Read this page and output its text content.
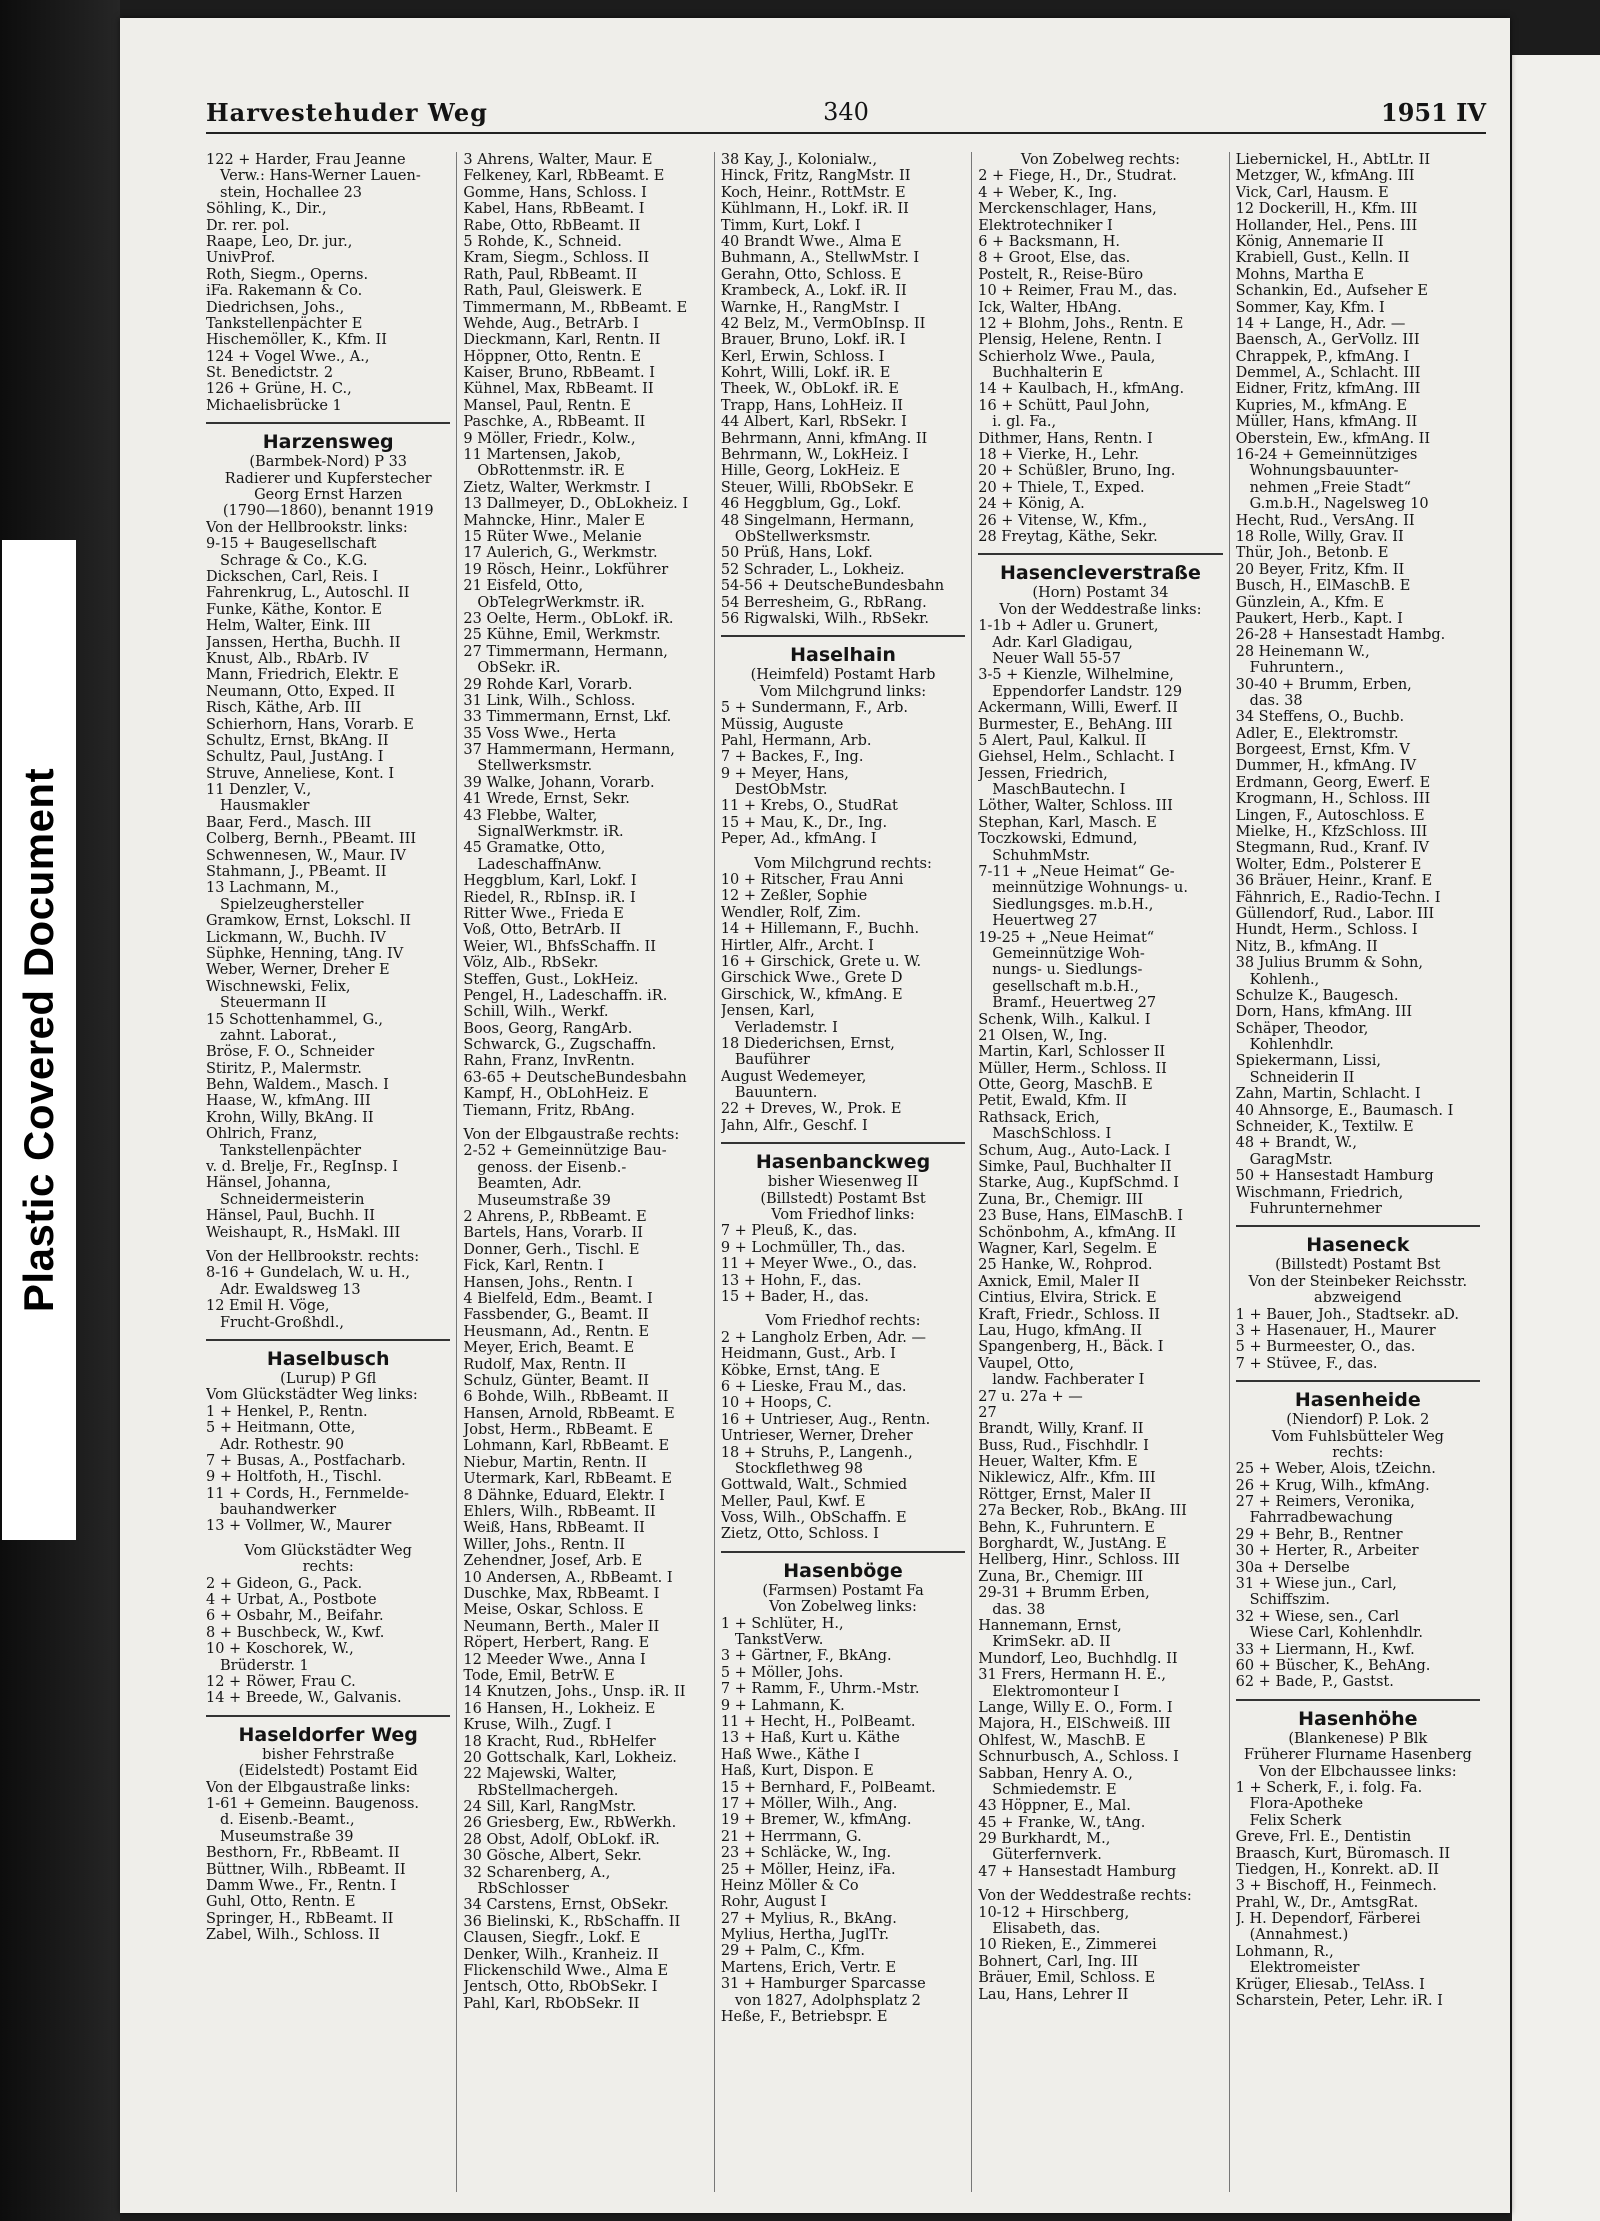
Plastic Covered Document
Harvestehuder Weg	340	1951 IV
122 + Harder, Frau Jeanne
Verw.: Hans-Werner Lauen-
stein, Hochallee 23
Söhling, K., Dir.,
Dr. rer. pol.
Raape, Leo, Dr. jur.,
UnivProf.
Roth, Siegm., Operns.
iFa. Rakemann & Co.
Diedrichsen, Johs.,
Tankstellenpächter E
Hischemöller, K., Kfm. II
124 + Vogel Wwe., A.,
St. Benedictstr. 2
126 + Grüne, H. C.,
Michaelisbrücke 1
Harzensweg
(Barmbek-Nord) P 33
Radierer und Kupferstecher
Georg Ernst Harzen
(1790—1860), benannt 1919
Von der Hellbrookstr. links:
9-15 + Baugesellschaft
Schrage & Co., K.G.
Dickschen, Carl, Reis. I
Fahrenkrug, L., Autoschl. II
Funke, Käthe, Kontor. E
Helm, Walter, Eink. III
Janssen, Hertha, Buchh. II
Knust, Alb., RbArb. IV
Mann, Friedrich, Elektr. E
Neumann, Otto, Exped. II
Risch, Käthe, Arb. III
Schierhorn, Hans, Vorarb. E
Schultz, Ernst, BkAng. II
Schultz, Paul, JustAng. I
Struve, Anneliese, Kont. I
11 Denzler, V.,
Hausmakler
Baar, Ferd., Masch. III
Colberg, Bernh., PBeamt. III
Schwennesen, W., Maur. IV
Stahmann, J., PBeamt. II
13 Lachmann, M.,
Spielzeughersteller
Gramkow, Ernst, Lokschl. II
Lickmann, W., Buchh. IV
Süphke, Henning, tAng. IV
Weber, Werner, Dreher E
Wischnewski, Felix,
Steuermann II
15 Schottenhammel, G.,
zahnt. Laborat.,
Bröse, F. O., Schneider
Stiritz, P., Malermstr.
Behn, Waldem., Masch. I
Haase, W., kfmAng. III
Krohn, Willy, BkAng. II
Ohlrich, Franz,
Tankstellenpächter
v. d. Brelje, Fr., RegInsp. I
Hänsel, Johanna,
Schneidermeisterin
Hänsel, Paul, Buchh. II
Weishaupt, R., HsMakl. III
Von der Hellbrookstr. rechts:
8-16 + Gundelach, W. u. H.,
Adr. Ewaldsweg 13
12 Emil H. Vöge,
Frucht-Großhdl.,
Haselbusch
(Lurup) P Gfl
Vom Glückstädter Weg links:
1 + Henkel, P., Rentn.
5 + Heitmann, Otte,
Adr. Rothestr. 90
7 + Busas, A., Postfacharb.
9 + Holtfoth, H., Tischl.
11 + Cords, H., Fernmelde-
bauhandwerker
13 + Vollmer, W., Maurer
Vom Glückstädter Weg
rechts:
2 + Gideon, G., Pack.
4 + Urbat, A., Postbote
6 + Osbahr, M., Beifahr.
8 + Buschbeck, W., Kwf.
10 + Koschorek, W.,
Brüderstr. 1
12 + Röwer, Frau C.
14 + Breede, W., Galvanis.
Haseldorfer Weg
bisher Fehrstraße
(Eidelstedt) Postamt Eid
Von der Elbgaustraße links:
1-61 + Gemeinn. Baugenoss.
d. Eisenb.-Beamt.,
Museumstraße 39
Besthorn, Fr., RbBeamt. II
Büttner, Wilh., RbBeamt. II
Damm Wwe., Fr., Rentn. I
Guhl, Otto, Rentn. E
Springer, H., RbBeamt. II
Zabel, Wilh., Schloss. II
3 Ahrens, Walter, Maur. E
Felkeney, Karl, RbBeamt. E
Gomme, Hans, Schloss. I
Kabel, Hans, RbBeamt. I
Rabe, Otto, RbBeamt. II
5 Rohde, K., Schneid.
Kram, Siegm., Schloss. II
Rath, Paul, RbBeamt. II
Rath, Paul, Gleiswerk. E
Timmermann, M., RbBeamt. E
Wehde, Aug., BetrArb. I
Dieckmann, Karl, Rentn. II
Höppner, Otto, Rentn. E
Kaiser, Bruno, RbBeamt. I
Kühnel, Max, RbBeamt. II
Mansel, Paul, Rentn. E
Paschke, A., RbBeamt. II
9 Möller, Friedr., Kolw.,
11 Martensen, Jakob,
ObRottenmstr. iR. E
Zietz, Walter, Werkmstr. I
13 Dallmeyer, D., ObLokheiz. I
Mahncke, Hinr., Maler E
15 Rüter Wwe., Melanie
17 Aulerich, G., Werkmstr.
19 Rösch, Heinr., Lokführer
21 Eisfeld, Otto,
ObTelegrWerkmstr. iR.
23 Oelte, Herm., ObLokf. iR.
25 Kühne, Emil, Werkmstr.
27 Timmermann, Hermann,
ObSekr. iR.
29 Rohde Karl, Vorarb.
31 Link, Wilh., Schloss.
33 Timmermann, Ernst, Lkf.
35 Voss Wwe., Herta
37 Hammermann, Hermann,
Stellwerksmstr.
39 Walke, Johann, Vorarb.
41 Wrede, Ernst, Sekr.
43 Flebbe, Walter,
SignalWerkmstr. iR.
45 Gramatke, Otto,
LadeschaffnAnw.
Heggblum, Karl, Lokf. I
Riedel, R., RbInsp. iR. I
Ritter Wwe., Frieda E
Voß, Otto, BetrArb. II
Weier, Wl., BhfsSchaffn. II
Völz, Alb., RbSekr.
Steffen, Gust., LokHeiz.
Pengel, H., Ladeschaffn. iR.
Schill, Wilh., Werkf.
Boos, Georg, RangArb.
Schwarck, G., Zugschaffn.
Rahn, Franz, InvRentn.
63-65 + DeutscheBundesbahn
Kampf, H., ObLohHeiz. E
Tiemann, Fritz, RbAng.
Von der Elbgaustraße rechts:
2-52 + Gemeinnützige Bau-
genoss. der Eisenb.-
Beamten, Adr.
Museumstraße 39
2 Ahrens, P., RbBeamt. E
Bartels, Hans, Vorarb. II
Donner, Gerh., Tischl. E
Fick, Karl, Rentn. I
Hansen, Johs., Rentn. I
4 Bielfeld, Edm., Beamt. I
Fassbender, G., Beamt. II
Heusmann, Ad., Rentn. E
Meyer, Erich, Beamt. E
Rudolf, Max, Rentn. II
Schulz, Günter, Beamt. II
6 Bohde, Wilh., RbBeamt. II
Hansen, Arnold, RbBeamt. E
Jobst, Herm., RbBeamt. E
Lohmann, Karl, RbBeamt. E
Niebur, Martin, Rentn. II
Utermark, Karl, RbBeamt. E
8 Dähnke, Eduard, Elektr. I
Ehlers, Wilh., RbBeamt. II
Weiß, Hans, RbBeamt. II
Willer, Johs., Rentn. II
Zehendner, Josef, Arb. E
10 Andersen, A., RbBeamt. I
Duschke, Max, RbBeamt. I
Meise, Oskar, Schloss. E
Neumann, Berth., Maler II
Röpert, Herbert, Rang. E
12 Meeder Wwe., Anna I
Tode, Emil, BetrW. E
14 Knutzen, Johs., Unsp. iR. II
16 Hansen, H., Lokheiz. E
Kruse, Wilh., Zugf. I
18 Kracht, Rud., RbHelfer
20 Gottschalk, Karl, Lokheiz.
22 Majewski, Walter,
RbStellmachergeh.
24 Sill, Karl, RangMstr.
26 Griesberg, Ew., RbWerkh.
28 Obst, Adolf, ObLokf. iR.
30 Gösche, Albert, Sekr.
32 Scharenberg, A.,
RbSchlosser
34 Carstens, Ernst, ObSekr.
36 Bielinski, K., RbSchaffn. II
Clausen, Siegfr., Lokf. E
Denker, Wilh., Kranheiz. II
Flickenschild Wwe., Alma E
Jentsch, Otto, RbObSekr. I
Pahl, Karl, RbObSekr. II
38 Kay, J., Kolonialw.,
Hinck, Fritz, RangMstr. II
Koch, Heinr., RottMstr. E
Kühlmann, H., Lokf. iR. II
Timm, Kurt, Lokf. I
40 Brandt Wwe., Alma E
Buhmann, A., StellwMstr. I
Gerahn, Otto, Schloss. E
Krambeck, A., Lokf. iR. II
Warnke, H., RangMstr. I
42 Belz, M., VermObInsp. II
Brauer, Bruno, Lokf. iR. I
Kerl, Erwin, Schloss. I
Kohrt, Willi, Lokf. iR. E
Theek, W., ObLokf. iR. E
Trapp, Hans, LohHeiz. II
44 Albert, Karl, RbSekr. I
Behrmann, Anni, kfmAng. II
Behrmann, W., LokHeiz. I
Hille, Georg, LokHeiz. E
Steuer, Willi, RbObSekr. E
46 Heggblum, Gg., Lokf.
48 Singelmann, Hermann,
ObStellwerksmstr.
50 Prüß, Hans, Lokf.
52 Schrader, L., Lokheiz.
54-56 + DeutscheBundesbahn
54 Berresheim, G., RbRang.
56 Rigwalski, Wilh., RbSekr.
Haselhain
(Heimfeld) Postamt Harb
Vom Milchgrund links:
5 + Sundermann, F., Arb.
Müssig, Auguste
Pahl, Hermann, Arb.
7 + Backes, F., Ing.
9 + Meyer, Hans,
DestObMstr.
11 + Krebs, O., StudRat
15 + Mau, K., Dr., Ing.
Peper, Ad., kfmAng. I
Vom Milchgrund rechts:
10 + Ritscher, Frau Anni
12 + Zeßler, Sophie
Wendler, Rolf, Zim.
14 + Hillemann, F., Buchh.
Hirtler, Alfr., Archt. I
16 + Girschick, Grete u. W.
Girschick Wwe., Grete D
Girschick, W., kfmAng. E
Jensen, Karl,
Verlademstr. I
18 Diederichsen, Ernst,
Bauführer
August Wedemeyer,
Bauuntern.
22 + Dreves, W., Prok. E
Jahn, Alfr., Geschf. I
Hasenbanckweg
bisher Wiesenweg II
(Billstedt) Postamt Bst
Vom Friedhof links:
7 + Pleuß, K., das.
9 + Lochmüller, Th., das.
11 + Meyer Wwe., O., das.
13 + Hohn, F., das.
15 + Bader, H., das.
Vom Friedhof rechts:
2 + Langholz Erben, Adr. —
Heidmann, Gust., Arb. I
Köbke, Ernst, tAng. E
6 + Lieske, Frau M., das.
10 + Hoops, C.
16 + Untrieser, Aug., Rentn.
Untrieser, Werner, Dreher
18 + Struhs, P., Langenh.,
Stockflethweg 98
Gottwald, Walt., Schmied
Meller, Paul, Kwf. E
Voss, Wilh., ObSchaffn. E
Zietz, Otto, Schloss. I
Hasenböge
(Farmsen) Postamt Fa
Von Zobelweg links:
1 + Schlüter, H.,
TankstVerw.
3 + Gärtner, F., BkAng.
5 + Möller, Johs.
7 + Ramm, F., Uhrm.-Mstr.
9 + Lahmann, K.
11 + Hecht, H., PolBeamt.
13 + Haß, Kurt u. Käthe
Haß Wwe., Käthe I
Haß, Kurt, Dispon. E
15 + Bernhard, F., PolBeamt.
17 + Möller, Wilh., Ang.
19 + Bremer, W., kfmAng.
21 + Herrmann, G.
23 + Schläcke, W., Ing.
25 + Möller, Heinz, iFa.
Heinz Möller & Co
Rohr, August I
27 + Mylius, R., BkAng.
Mylius, Hertha, JuglTr.
29 + Palm, C., Kfm.
Martens, Erich, Vertr. E
31 + Hamburger Sparcasse
von 1827, Adolphsplatz 2
Heße, F., Betriebspr. E
Von Zobelweg rechts:
2 + Fiege, H., Dr., Studrat.
4 + Weber, K., Ing.
Merckenschlager, Hans,
Elektrotechniker I
6 + Backsmann, H.
8 + Groot, Else, das.
Postelt, R., Reise-Büro
10 + Reimer, Frau M., das.
Ick, Walter, HbAng.
12 + Blohm, Johs., Rentn. E
Plensig, Helene, Rentn. I
Schierholz Wwe., Paula,
Buchhalterin E
14 + Kaulbach, H., kfmAng.
16 + Schütt, Paul John,
i. gl. Fa.,
Dithmer, Hans, Rentn. I
18 + Vierke, H., Lehr.
20 + Schüßler, Bruno, Ing.
20 + Thiele, T., Exped.
24 + König, A.
26 + Vitense, W., Kfm.,
28 Freytag, Käthe, Sekr.
Hasencleverstraße
(Horn) Postamt 34
Von der Weddestraße links:
1-1b + Adler u. Grunert,
Adr. Karl Gladigau,
Neuer Wall 55-57
3-5 + Kienzle, Wilhelmine,
Eppendorfer Landstr. 129
Ackermann, Willi, Ewerf. II
Burmester, E., BehAng. III
5 Alert, Paul, Kalkul. II
Giehsel, Helm., Schlacht. I
Jessen, Friedrich,
MaschBautechn. I
Löther, Walter, Schloss. III
Stephan, Karl, Masch. E
Toczkowski, Edmund,
SchuhmMstr.
7-11 + „Neue Heimat“ Ge-
meinnützige Wohnungs- u.
Siedlungsges. m.b.H.,
Heuertweg 27
19-25 + „Neue Heimat“
Gemeinnützige Woh-
nungs- u. Siedlungs-
gesellschaft m.b.H.,
Bramf., Heuertweg 27
Schenk, Wilh., Kalkul. I
21 Olsen, W., Ing.
Martin, Karl, Schlosser II
Müller, Herm., Schloss. II
Otte, Georg, MaschB. E
Petit, Ewald, Kfm. II
Rathsack, Erich,
MaschSchloss. I
Schum, Aug., Auto-Lack. I
Simke, Paul, Buchhalter II
Starke, Aug., KupfSchmd. I
Zuna, Br., Chemigr. III
23 Buse, Hans, ElMaschB. I
Schönbohm, A., kfmAng. II
Wagner, Karl, Segelm. E
25 Hanke, W., Rohprod.
Axnick, Emil, Maler II
Cintius, Elvira, Strick. E
Kraft, Friedr., Schloss. II
Lau, Hugo, kfmAng. II
Spangenberg, H., Bäck. I
Vaupel, Otto,
landw. Fachberater I
27 u. 27a + —
27
Brandt, Willy, Kranf. II
Buss, Rud., Fischhdlr. I
Heuer, Walter, Kfm. E
Niklewicz, Alfr., Kfm. III
Röttger, Ernst, Maler II
27a Becker, Rob., BkAng. III
Behn, K., Fuhruntern. E
Borghardt, W., JustAng. E
Hellberg, Hinr., Schloss. III
Zuna, Br., Chemigr. III
29-31 + Brumm Erben,
das. 38
Hannemann, Ernst,
KrimSekr. aD. II
Mundorf, Leo, Buchhdlg. II
31 Frers, Hermann H. E.,
Elektromonteur I
Lange, Willy E. O., Form. I
Majora, H., ElSchweiß. III
Ohlfest, W., MaschB. E
Schnurbusch, A., Schloss. I
Sabban, Henry A. O.,
Schmiedemstr. E
43 Höppner, E., Mal.
45 + Franke, W., tAng.
29 Burkhardt, M.,
Güterfernverk.
47 + Hansestadt Hamburg
Von der Weddestraße rechts:
10-12 + Hirschberg,
Elisabeth, das.
10 Rieken, E., Zimmerei
Bohnert, Carl, Ing. III
Bräuer, Emil, Schloss. E
Lau, Hans, Lehrer II
Liebernickel, H., AbtLtr. II
Metzger, W., kfmAng. III
Vick, Carl, Hausm. E
12 Dockerill, H., Kfm. III
Hollander, Hel., Pens. III
König, Annemarie II
Krabiell, Gust., Kelln. II
Mohns, Martha E
Schankin, Ed., Aufseher E
Sommer, Kay, Kfm. I
14 + Lange, H., Adr. —
Baensch, A., GerVollz. III
Chrappek, P., kfmAng. I
Demmel, A., Schlacht. III
Eidner, Fritz, kfmAng. III
Kupries, M., kfmAng. E
Müller, Hans, kfmAng. II
Oberstein, Ew., kfmAng. II
16-24 + Gemeinnütziges
Wohnungsbauunter-
nehmen „Freie Stadt“
G.m.b.H., Nagelsweg 10
Hecht, Rud., VersAng. II
18 Rolle, Willy, Grav. II
Thür, Joh., Betonb. E
20 Beyer, Fritz, Kfm. II
Busch, H., ElMaschB. E
Günzlein, A., Kfm. E
Paukert, Herb., Kapt. I
26-28 + Hansestadt Hambg.
28 Heinemann W.,
Fuhruntern.,
30-40 + Brumm, Erben,
das. 38
34 Steffens, O., Buchb.
Adler, E., Elektromstr.
Borgeest, Ernst, Kfm. V
Dummer, H., kfmAng. IV
Erdmann, Georg, Ewerf. E
Krogmann, H., Schloss. III
Lingen, F., Autoschloss. E
Mielke, H., KfzSchloss. III
Stegmann, Rud., Kranf. IV
Wolter, Edm., Polsterer E
36 Bräuer, Heinr., Kranf. E
Fähnrich, E., Radio-Techn. I
Güllendorf, Rud., Labor. III
Hundt, Herm., Schloss. I
Nitz, B., kfmAng. II
38 Julius Brumm & Sohn,
Kohlenh.,
Schulze K., Baugesch.
Dorn, Hans, kfmAng. III
Schäper, Theodor,
Kohlenhdlr.
Spiekermann, Lissi,
Schneiderin II
Zahn, Martin, Schlacht. I
40 Ahnsorge, E., Baumasch. I
Schneider, K., Textilw. E
48 + Brandt, W.,
GaragMstr.
50 + Hansestadt Hamburg
Wischmann, Friedrich,
Fuhrunternehmer
Haseneck
(Billstedt) Postamt Bst
Von der Steinbeker Reichsstr.
abzweigend
1 + Bauer, Joh., Stadtsekr. aD.
3 + Hasenauer, H., Maurer
5 + Burmeester, O., das.
7 + Stüvee, F., das.
Hasenheide
(Niendorf) P. Lok. 2
Vom Fuhlsbütteler Weg
rechts:
25 + Weber, Alois, tZeichn.
26 + Krug, Wilh., kfmAng.
27 + Reimers, Veronika,
Fahrradbewachung
29 + Behr, B., Rentner
30 + Herter, R., Arbeiter
30a + Derselbe
31 + Wiese jun., Carl,
Schiffszim.
32 + Wiese, sen., Carl
Wiese Carl, Kohlenhdlr.
33 + Liermann, H., Kwf.
60 + Büscher, K., BehAng.
62 + Bade, P., Gastst.
Hasenhöhe
(Blankenese) P Blk
Früherer Flurname Hasenberg
Von der Elbchaussee links:
1 + Scherk, F., i. folg. Fa.
Flora-Apotheke
Felix Scherk
Greve, Frl. E., Dentistin
Braasch, Kurt, Büromasch. II
Tiedgen, H., Konrekt. aD. II
3 + Bischoff, H., Feinmech.
Prahl, W., Dr., AmtsgRat.
J. H. Dependorf, Färberei
(Annahmest.)
Lohmann, R.,
Elektromeister
Krüger, Eliesab., TelAss. I
Scharstein, Peter, Lehr. iR. I
